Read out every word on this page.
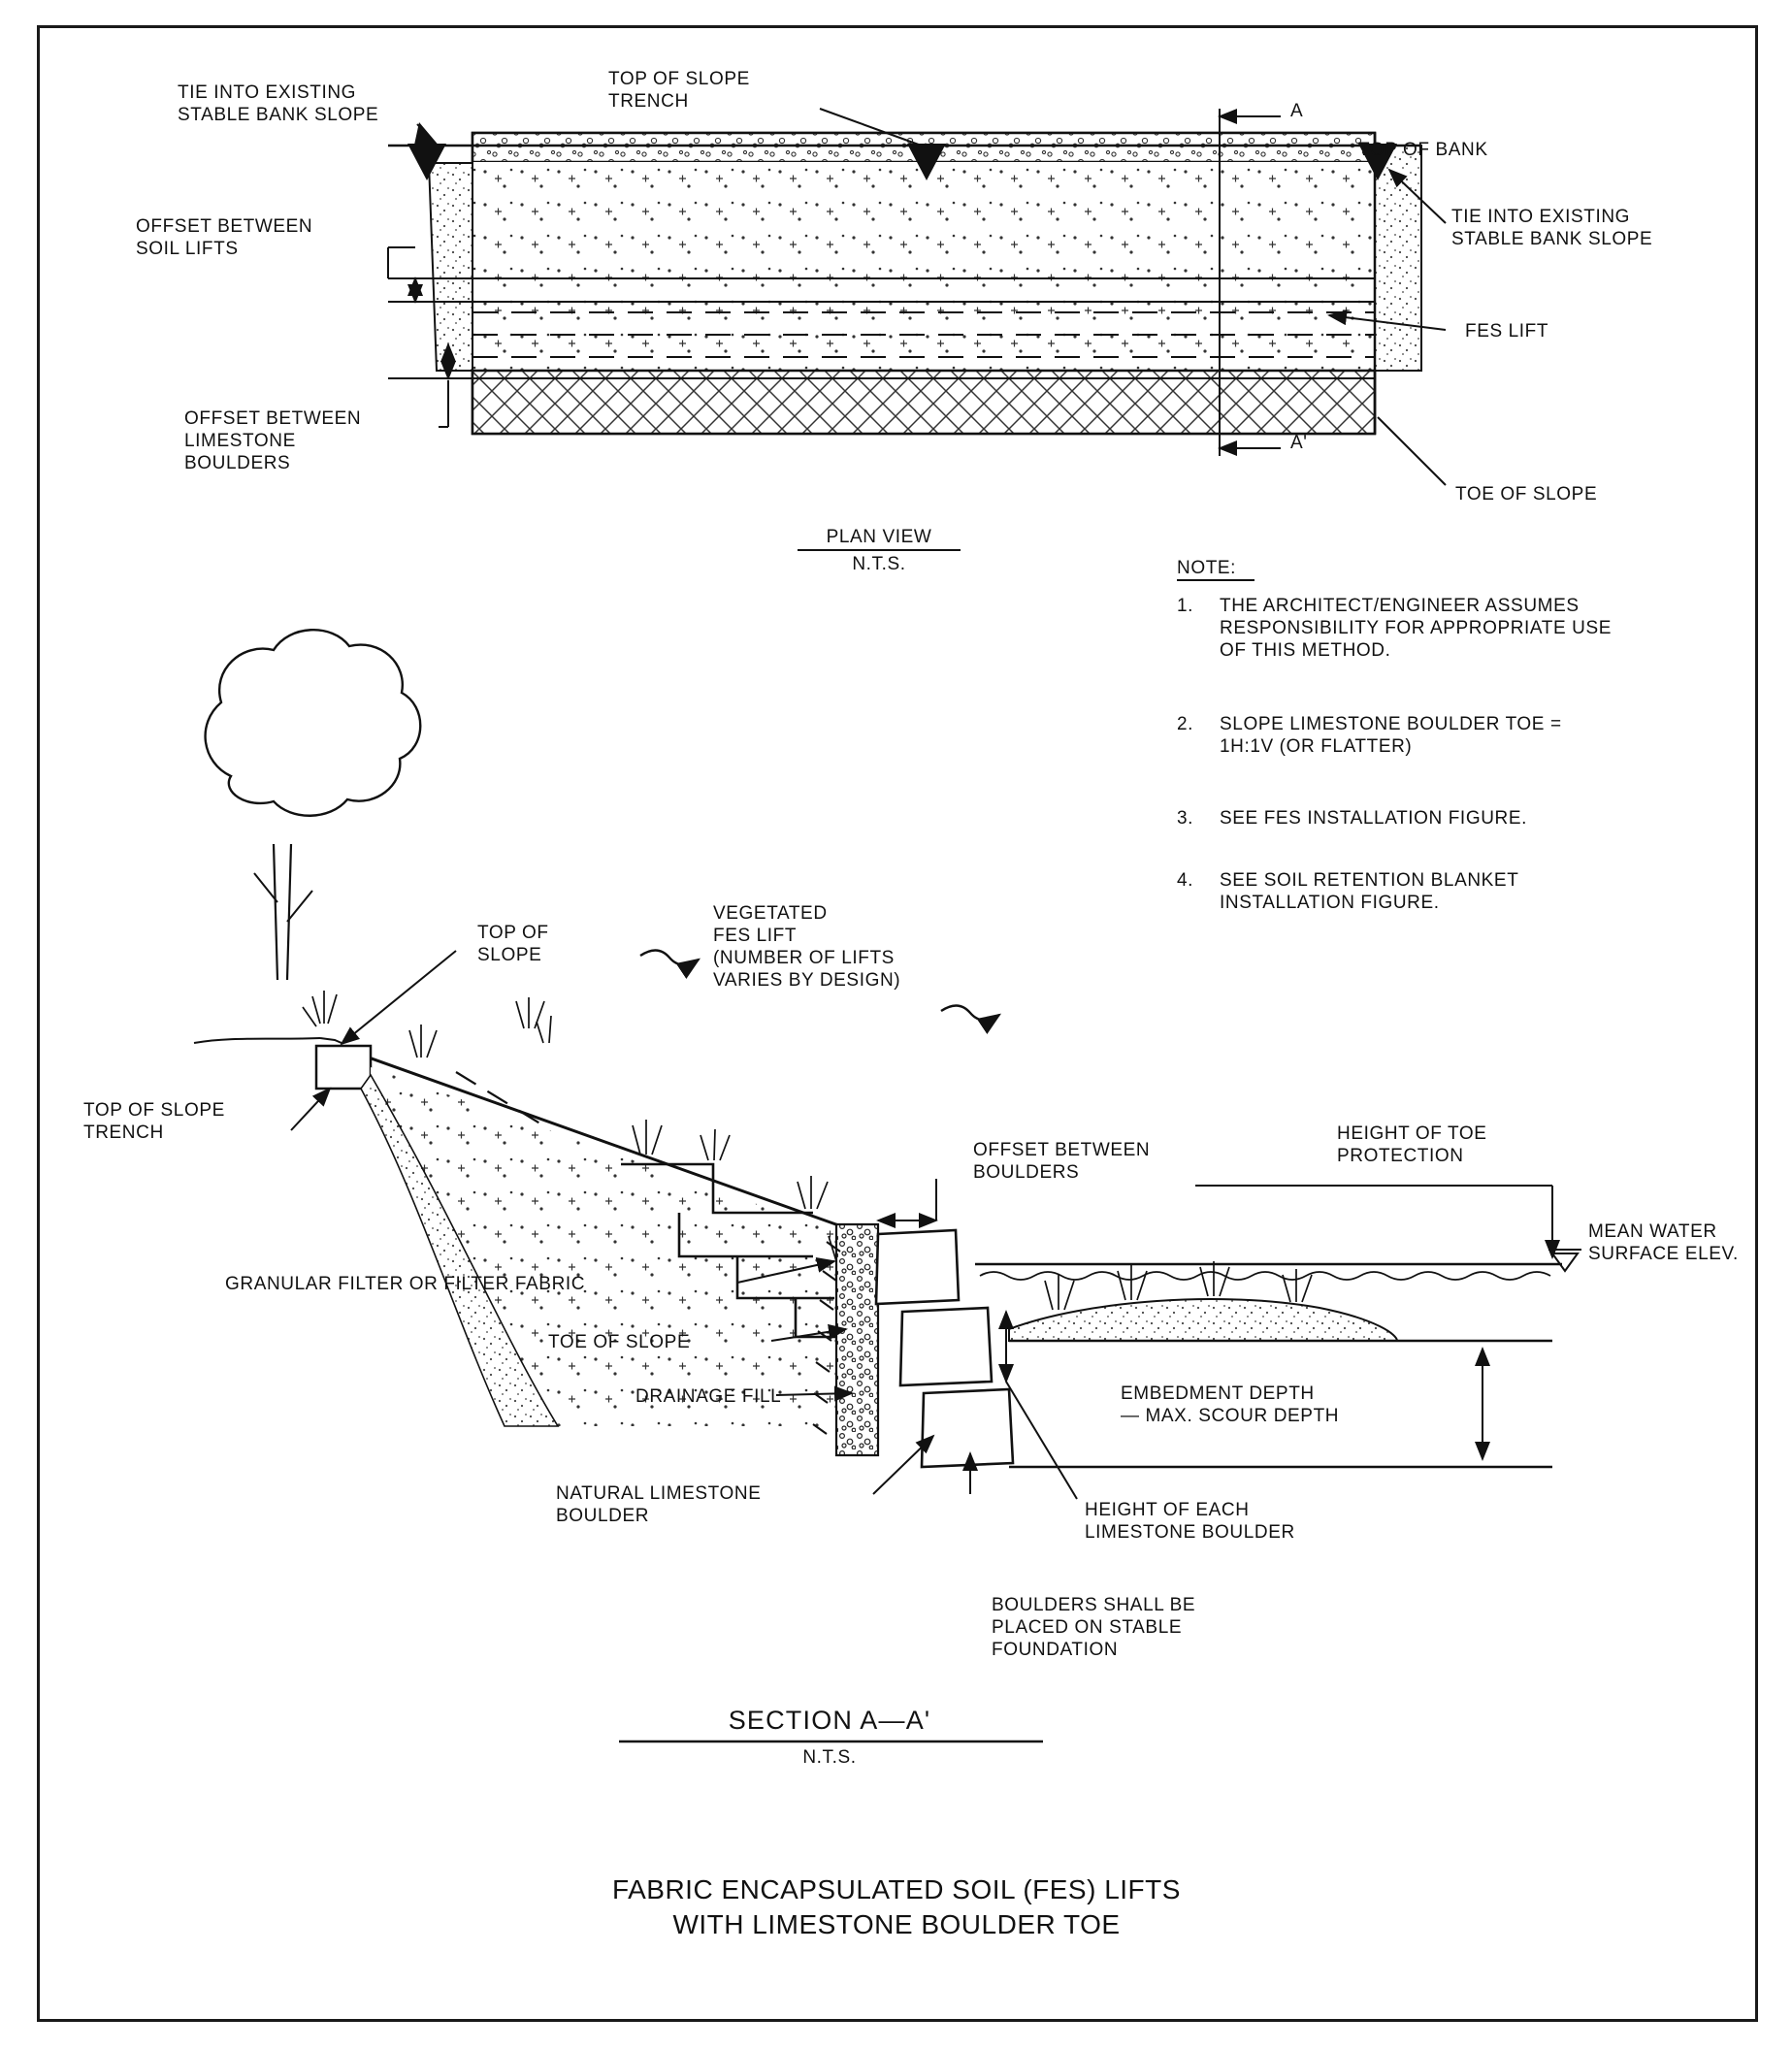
TIE INTO EXISTING
STABLE BANK SLOPE
TOP OF SLOPE
TRENCH
TOP OF BANK
TIE INTO EXISTING
STABLE BANK SLOPE
FES LIFT
OFFSET BETWEEN
SOIL LIFTS
OFFSET BETWEEN
LIMESTONE
BOULDERS
TOE OF SLOPE
A
A'
PLAN VIEW
N.T.S.	NOTE:
1. THE ARCHITECT/ENGINEER ASSUMES
RESPONSIBILITY FOR APPROPRIATE USE
OF THIS METHOD.
2. SLOPE LIMESTONE BOULDER TOE =
1H:1V (OR FLATTER)
3. SEE FES INSTALLATION FIGURE.
4. SEE SOIL RETENTION BLANKET
INSTALLATION FIGURE.
TOP OF
SLOPE
VEGETATED
FES LIFT
(NUMBER OF LIFTS
VARIES BY DESIGN)
TOP OF SLOPE
TRENCH
OFFSET BETWEEN
BOULDERS
HEIGHT OF TOE
PROTECTION
MEAN WATER
SURFACE ELEV.
GRANULAR FILTER OR FILTER FABRIC
TOE OF SLOPE
DRAINAGE FILL	EMBEDMENT DEPTH
— MAX. SCOUR DEPTH
NATURAL LIMESTONE
BOULDER	HEIGHT OF EACH
LIMESTONE BOULDER
BOULDERS SHALL BE
PLACED ON STABLE
FOUNDATION
SECTION A—A'
N.T.S.
FABRIC ENCAPSULATED SOIL (FES) LIFTS
WITH LIMESTONE BOULDER TOE
